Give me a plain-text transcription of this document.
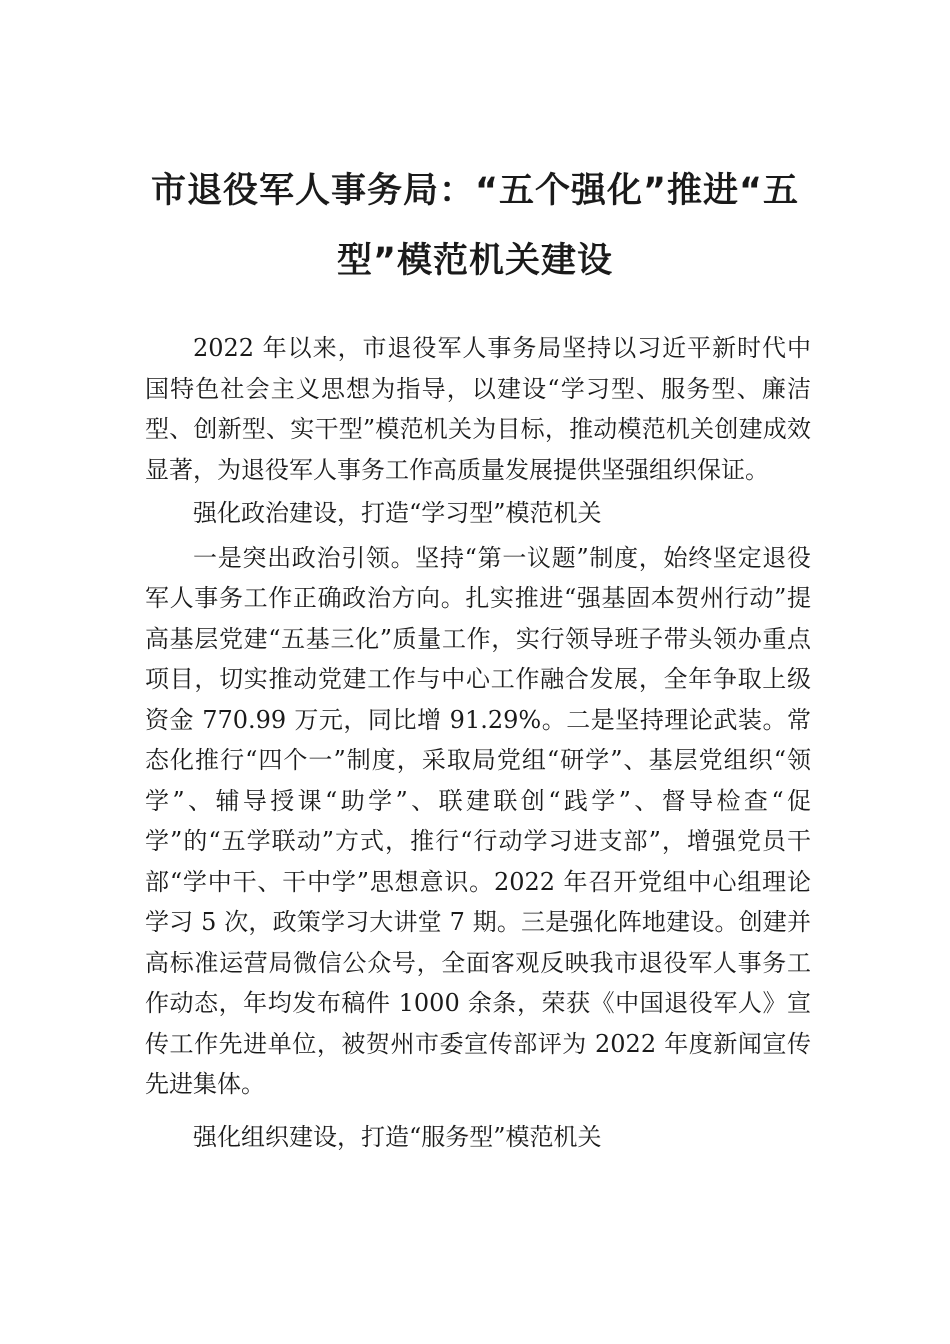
市退役军人事务局：“五个强化”推进“五型”模范机关建设

2022 年以来，市退役军人事务局坚持以习近平新时代中国特色社会主义思想为指导，以建设“学习型、服务型、廉洁型、创新型、实干型”模范机关为目标，推动模范机关创建成效显著，为退役军人事务工作高质量发展提供坚强组织保证。

强化政治建设，打造“学习型”模范机关

一是突出政治引领。坚持“第一议题”制度，始终坚定退役军人事务工作正确政治方向。扎实推进“强基固本贺州行动”提高基层党建“五基三化”质量工作，实行领导班子带头领办重点项目，切实推动党建工作与中心工作融合发展，全年争取上级资金 770.99 万元，同比增 91.29%。二是坚持理论武装。常态化推行“四个一”制度，采取局党组“研学”、基层党组织“领学”、辅导授课“助学”、联建联创“践学”、督导检查“促学”的“五学联动”方式，推行“行动学习进支部”，增强党员干部“学中干、干中学”思想意识。2022 年召开党组中心组理论学习 5 次，政策学习大讲堂 7 期。三是强化阵地建设。创建并高标准运营局微信公众号，全面客观反映我市退役军人事务工作动态，年均发布稿件 1000 余条，荣获《中国退役军人》宣传工作先进单位，被贺州市委宣传部评为 2022 年度新闻宣传先进集体。

强化组织建设，打造“服务型”模范机关
